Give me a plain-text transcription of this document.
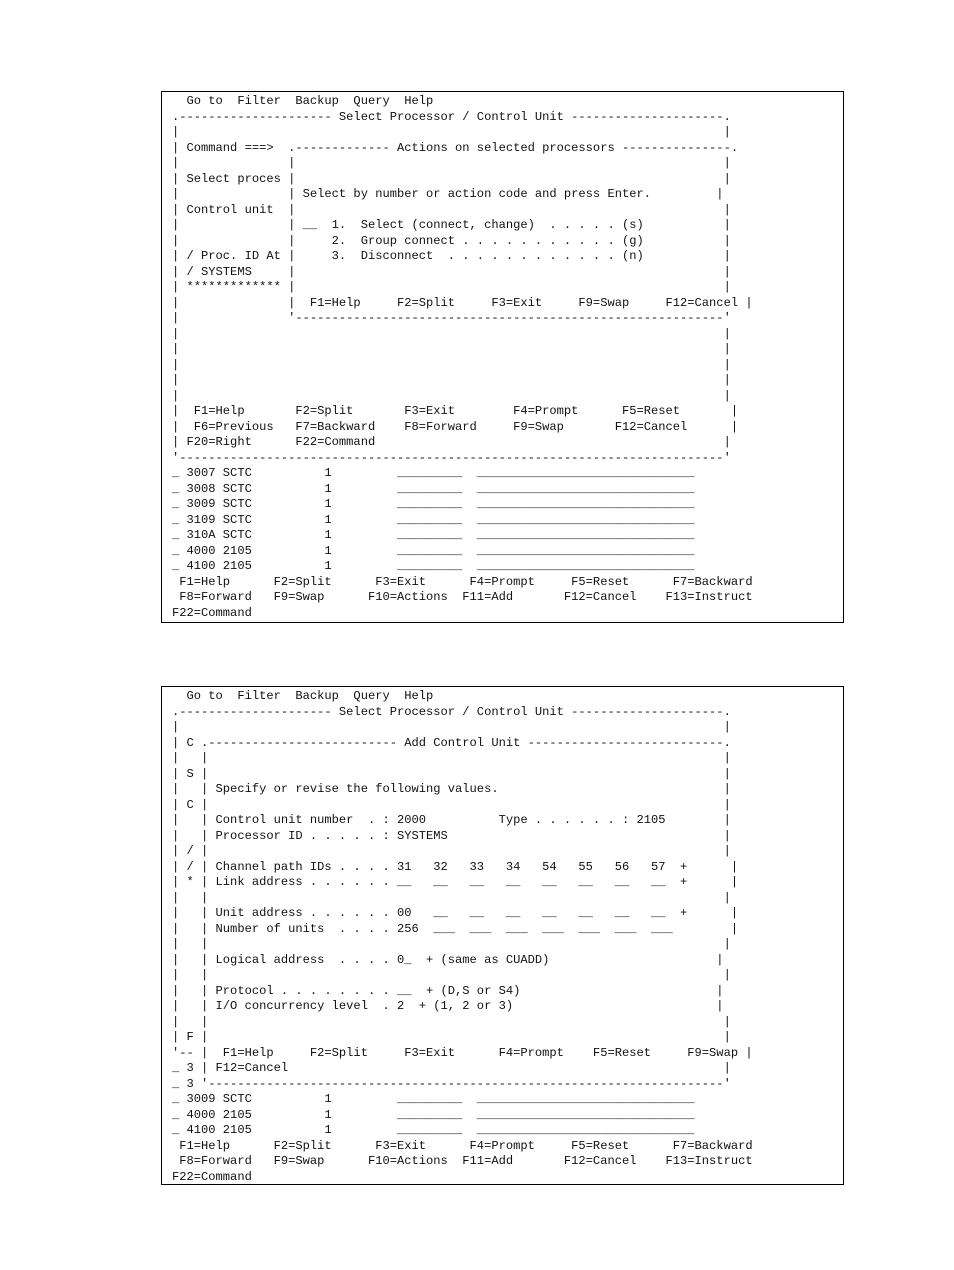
Go to  Filter  Backup  Query  Help
.--------------------- Select Processor / Control Unit ---------------------.
|                                                                           |
| Command ===>  .------------- Actions on selected processors ---------------.
|               |                                                           |
| Select proces |                                                           |
|               | Select by number or action code and press Enter.         |
| Control unit  |                                                           |
|               | __  1.  Select (connect, change)  . . . . . (s)           |
|               |     2.  Group connect . . . . . . . . . . . (g)           |
| / Proc. ID At |     3.  Disconnect  . . . . . . . . . . . . (n)           |
| / SYSTEMS     |                                                           |
| ************* |                                                           |
|               |  F1=Help     F2=Split     F3=Exit     F9=Swap     F12=Cancel |
|               '-----------------------------------------------------------'
|                                                                           |
|                                                                           |
|                                                                           |
|                                                                           |
|                                                                           |
|  F1=Help       F2=Split       F3=Exit        F4=Prompt      F5=Reset       |
|  F6=Previous   F7=Backward    F8=Forward     F9=Swap       F12=Cancel      |
| F20=Right      F22=Command                                                |
'---------------------------------------------------------------------------'
_ 3007 SCTC          1         _________  ______________________________
_ 3008 SCTC          1         _________  ______________________________
_ 3009 SCTC          1         _________  ______________________________
_ 3109 SCTC          1         _________  ______________________________
_ 310A SCTC          1         _________  ______________________________
_ 4000 2105          1         _________  ______________________________
_ 4100 2105          1         _________  ______________________________
F1=Help      F2=Split      F3=Exit      F4=Prompt     F5=Reset      F7=Backward
F8=Forward   F9=Swap      F10=Actions  F11=Add       F12=Cancel    F13=Instruct
F22=Command
Go to  Filter  Backup  Query  Help
.--------------------- Select Processor / Control Unit ---------------------.
|                                                                           |
| C .-------------------------- Add Control Unit ---------------------------.
|   |                                                                       |
| S |                                                                       |
|   | Specify or revise the following values.                               |
| C |                                                                       |
|   | Control unit number  . : 2000          Type . . . . . . : 2105        |
|   | Processor ID . . . . . : SYSTEMS                                      |
| / |                                                                       |
| / | Channel path IDs . . . . 31   32   33   34   54   55   56   57  +      |
| * | Link address . . . . . . __   __   __   __   __   __   __   __  +      |
|   |                                                                       |
|   | Unit address . . . . . . 00   __   __   __   __   __   __   __  +      |
|   | Number of units  . . . . 256  ___  ___  ___  ___  ___  ___  ___        |
|   |                                                                       |
|   | Logical address  . . . . 0_  + (same as CUADD)                       |
|   |                                                                       |
|   | Protocol . . . . . . . . __  + (D,S or S4)                           |
|   | I/O concurrency level  . 2  + (1, 2 or 3)                            |
|   |                                                                       |
| F |                                                                       |
'-- |  F1=Help     F2=Split     F3=Exit      F4=Prompt    F5=Reset     F9=Swap |
_ 3 | F12=Cancel                                                            |
_ 3 '-----------------------------------------------------------------------'
_ 3009 SCTC          1         _________  ______________________________
_ 4000 2105          1         _________  ______________________________
_ 4100 2105          1         _________  ______________________________
F1=Help      F2=Split      F3=Exit      F4=Prompt     F5=Reset      F7=Backward
F8=Forward   F9=Swap      F10=Actions  F11=Add       F12=Cancel    F13=Instruct
F22=Command
